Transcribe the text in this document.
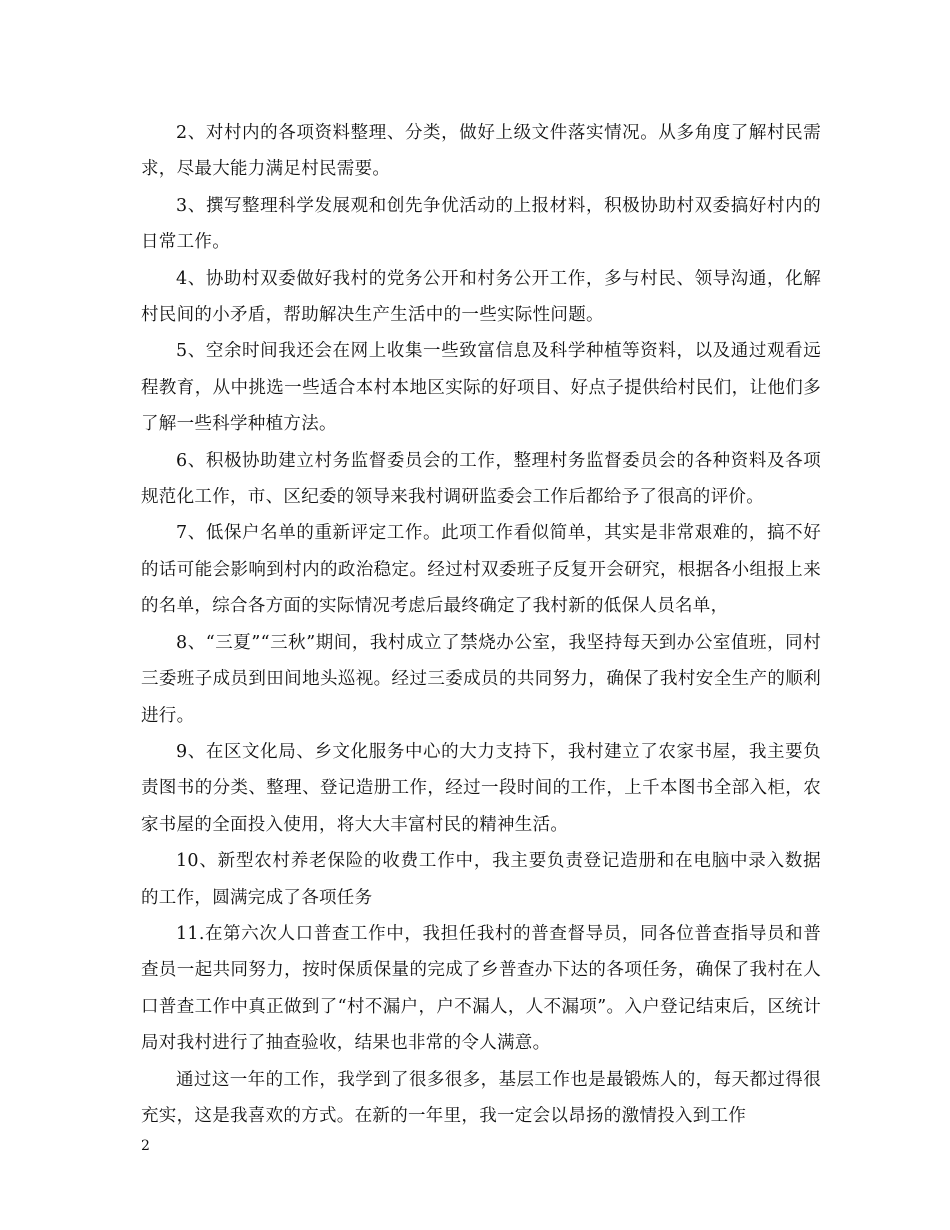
2、对村内的各项资料整理、分类，做好上级文件落实情况。从多角度了解村民需求，尽最大能力满足村民需要。

3、撰写整理科学发展观和创先争优活动的上报材料，积极协助村双委搞好村内的日常工作。

4、协助村双委做好我村的党务公开和村务公开工作，多与村民、领导沟通，化解村民间的小矛盾，帮助解决生产生活中的一些实际性问题。

5、空余时间我还会在网上收集一些致富信息及科学种植等资料，以及通过观看远程教育，从中挑选一些适合本村本地区实际的好项目、好点子提供给村民们，让他们多了解一些科学种植方法。

6、积极协助建立村务监督委员会的工作，整理村务监督委员会的各种资料及各项规范化工作，市、区纪委的领导来我村调研监委会工作后都给予了很高的评价。

7、低保户名单的重新评定工作。此项工作看似简单，其实是非常艰难的，搞不好的话可能会影响到村内的政治稳定。经过村双委班子反复开会研究，根据各小组报上来的名单，综合各方面的实际情况考虑后最终确定了我村新的低保人员名单，

8、“三夏”“三秋”期间，我村成立了禁烧办公室，我坚持每天到办公室值班，同村三委班子成员到田间地头巡视。经过三委成员的共同努力，确保了我村安全生产的顺利进行。

9、在区文化局、乡文化服务中心的大力支持下，我村建立了农家书屋，我主要负责图书的分类、整理、登记造册工作，经过一段时间的工作，上千本图书全部入柜，农家书屋的全面投入使用，将大大丰富村民的精神生活。

10、新型农村养老保险的收费工作中，我主要负责登记造册和在电脑中录入数据的工作，圆满完成了各项任务

11.在第六次人口普查工作中，我担任我村的普查督导员，同各位普查指导员和普查员一起共同努力，按时保质保量的完成了乡普查办下达的各项任务，确保了我村在人口普查工作中真正做到了“村不漏户，户不漏人，人不漏项”。入户登记结束后，区统计局对我村进行了抽查验收，结果也非常的令人满意。

通过这一年的工作，我学到了很多很多，基层工作也是最锻炼人的，每天都过得很充实，这是我喜欢的方式。在新的一年里，我一定会以昂扬的激情投入到工作

2
